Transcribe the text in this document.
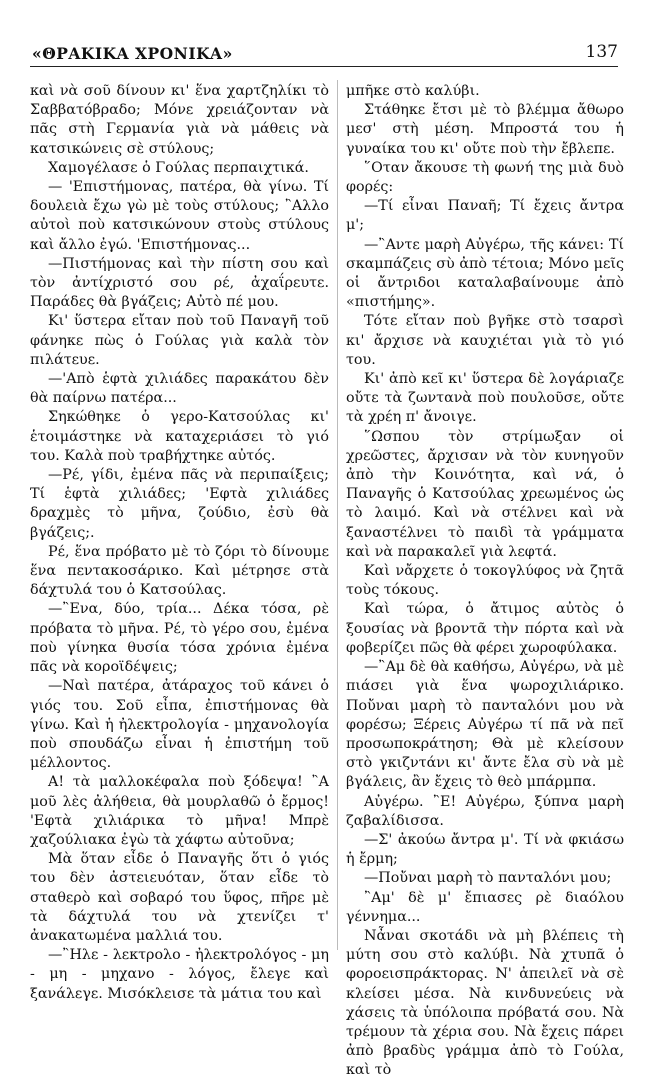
«ΘΡΑΚΙΚΑ ΧΡΟΝΙΚΑ»	137

καὶ νὰ σοῦ δίνουν κι' ἕνα χαρτζηλίκι τὸ Σαββατόβραδο; Μόνε χρειάζονταν νὰ πᾶς στὴ Γερμανία γιὰ νὰ μάθεις νὰ κατσικώνεις σὲ στύλους;

Χαμογέλασε ὁ Γούλας περπαιχτικά.

— 'Επιστήμονας, πατέρα, θὰ γίνω. Τί δουλειὰ ἔχω γὼ μὲ τοὺς στύλους; ῍Αλλο αὐτοὶ ποὺ κατσικώνουν στοὺς στύλους καὶ ἄλλο ἐγώ. 'Επιστήμονας...

—Πιστήμονας καὶ τὴν πίστη σου καὶ τὸν ἀντίχριστό σου ρέ, ἀχαΐρευτε. Παράδες θὰ βγάζεις; Αὐτὸ πέ μου.

Κι' ὕστερα εἴταν ποὺ τοῦ Παναγῆ τοῦ φάνηκε πὼς ὁ Γούλας γιὰ καλὰ τὸν πιλάτευε.

—'Απὸ ἑφτὰ χιλιάδες παρακάτου δὲν θὰ παίρνω πατέρα...

Σηκώθηκε ὁ γερο-Κατσούλας κι' ἑτοιμάστηκε νὰ καταχεριάσει τὸ γιό του. Καλὰ ποὺ τραβήχτηκε αὐτός.

—Ρέ, γίδι, ἐμένα πᾶς νὰ περιπαίξεις; Τί ἑφτὰ χιλιάδες; 'Εφτὰ χιλιάδες δραχμὲς τὸ μῆνα, ζούδιο, ἐσὺ θὰ βγάζεις;.

Ρέ, ἕνα πρόβατο μὲ τὸ ζόρι τὸ δίνουμε ἕνα πεντακοσάρικο. Καὶ μέτρησε στὰ δάχτυλά του ὁ Κατσούλας.

—῍Ενα, δύο, τρία... Δέκα τόσα, ρὲ πρόβατα τὸ μῆνα. Ρέ, τὸ γέρο σου, ἐμένα ποὺ γίνηκα θυσία τόσα χρόνια ἐμένα πᾶς νὰ κοροϊδέψεις;

—Ναὶ πατέρα, ἀτάραχος τοῦ κάνει ὁ γιός του. Σοῦ εἶπα, ἐπιστήμονας θὰ γίνω. Καὶ ἡ ἠλεκτρολογία - μηχανολογία ποὺ σπουδάζω εἶναι ἡ ἐπιστήμη τοῦ μέλλοντος.

Α! τὰ μαλλοκέφαλα ποὺ ξόδεψα! ῍Α μοῦ λὲς ἀλήθεια, θὰ μουρλαθῶ ὁ ἔρμος! 'Εφτὰ χιλιάρικα τὸ μῆνα! Μπρὲ χαζούλιακα ἐγὼ τὰ χάφτω αὐτοῦνα;

Μὰ ὅταν εἶδε ὁ Παναγῆς ὅτι ὁ γιός του δὲν ἀστειευόταν, ὅταν εἶδε τὸ σταθερὸ καὶ σοβαρό του ὕφος, πῆρε μὲ τὰ δάχτυλά του νὰ χτενίζει τ' ἀνακατωμένα μαλλιά του.

—῍Ηλε - λεκτρολο - ἠλεκτρολόγος - μη - μη - μηχανο - λόγος, ἔλεγε καὶ ξανάλεγε. Μισόκλεισε τὰ μάτια του καὶ

μπῆκε στὸ καλύβι.

Στάθηκε ἔτσι μὲ τὸ βλέμμα ἄθωρο μεσ' στὴ μέση. Μπροστά του ἡ γυναίκα του κι' οὔτε ποὺ τὴν ἔβλεπε.

῞Οταν ἄκουσε τὴ φωνή της μιὰ δυὸ φορές:

—Τί εἶναι Παναῆ; Τί ἔχεις ἄντρα μ';

—῍Αντε μαρὴ Αὐγέρω, τῆς κάνει: Τί σκαμπάζεις σὺ ἀπὸ τέτοια; Μόνο μεῖς οἱ ἄντριδοι καταλαβαίνουμε ἀπὸ «πιστήμης».

Τότε εἴταν ποὺ βγῆκε στὸ τσαρσὶ κι' ἄρχισε νὰ καυχιέται γιὰ τὸ γιό του.

Κι' ἀπὸ κεῖ κι' ὕστερα δὲ λογάριαζε οὔτε τὰ ζωντανὰ ποὺ πουλοῦσε, οὔτε τὰ χρέη π' ἄνοιγε.

῞Ωσπου τὸν στρίμωξαν οἱ χρεῶστες, ἄρχισαν νὰ τὸν κυνηγοῦν ἀπὸ τὴν Κοινότητα, καὶ νά, ὁ Παναγῆς ὁ Κατσούλας χρεωμένος ὡς τὸ λαιμό. Καὶ νὰ στέλνει καὶ νὰ ξαναστέλνει τὸ παιδὶ τὰ γράμματα καὶ νὰ παρακαλεῖ γιὰ λεφτά.

Καὶ νἄρχετε ὁ τοκογλύφος νὰ ζητᾶ τοὺς τόκους.

Καὶ τώρα, ὁ ἄτιμος αὐτὸς ὁ ξουσίας νὰ βροντᾶ τὴν πόρτα καὶ νὰ φοβερίζει πῶς θὰ φέρει χωροφύλακα.

—῍Αμ δὲ θὰ καθήσω, Αὐγέρω, νὰ μὲ πιάσει γιὰ ἕνα ψωροχιλιάρικο. Ποὔναι μαρὴ τὸ πανταλόνι μου νὰ φορέσω; Ξέρεις Αὐγέρω τί πᾶ νὰ πεῖ προσωποκράτηση; Θὰ μὲ κλείσουν στὸ γκιζντάνι κι' ἄντε ἔλα σὺ νὰ μὲ βγάλεις, ἂν ἔχεις τὸ θεὸ μπάρμπα.

Αὐγέρω. ῍Ε! Αὐγέρω, ξύπνα μαρὴ ζαβαλίδισσα.

—Σ' ἀκούω ἄντρα μ'. Τί νὰ φκιάσω ἡ ἔρμη;

—Ποὔναι μαρὴ τὸ πανταλόνι μου;

῍Αμ' δὲ μ' ἔπιασες ρὲ διαόλου γέννημα...

Νἆναι σκοτάδι νὰ μὴ βλέπεις τὴ μύτη σου στὸ καλύβι. Νὰ χτυπᾶ ὁ φοροεισπράκτορας. Ν' ἀπειλεῖ νὰ σὲ κλείσει μέσα. Νὰ κινδυνεύεις νὰ χάσεις τὰ ὑπόλοιπα πρόβατά σου. Νὰ τρέμουν τὰ χέρια σου. Νὰ ἔχεις πάρει ἀπὸ βραδὺς γράμμα ἀπὸ τὸ Γούλα, καὶ τὸ
